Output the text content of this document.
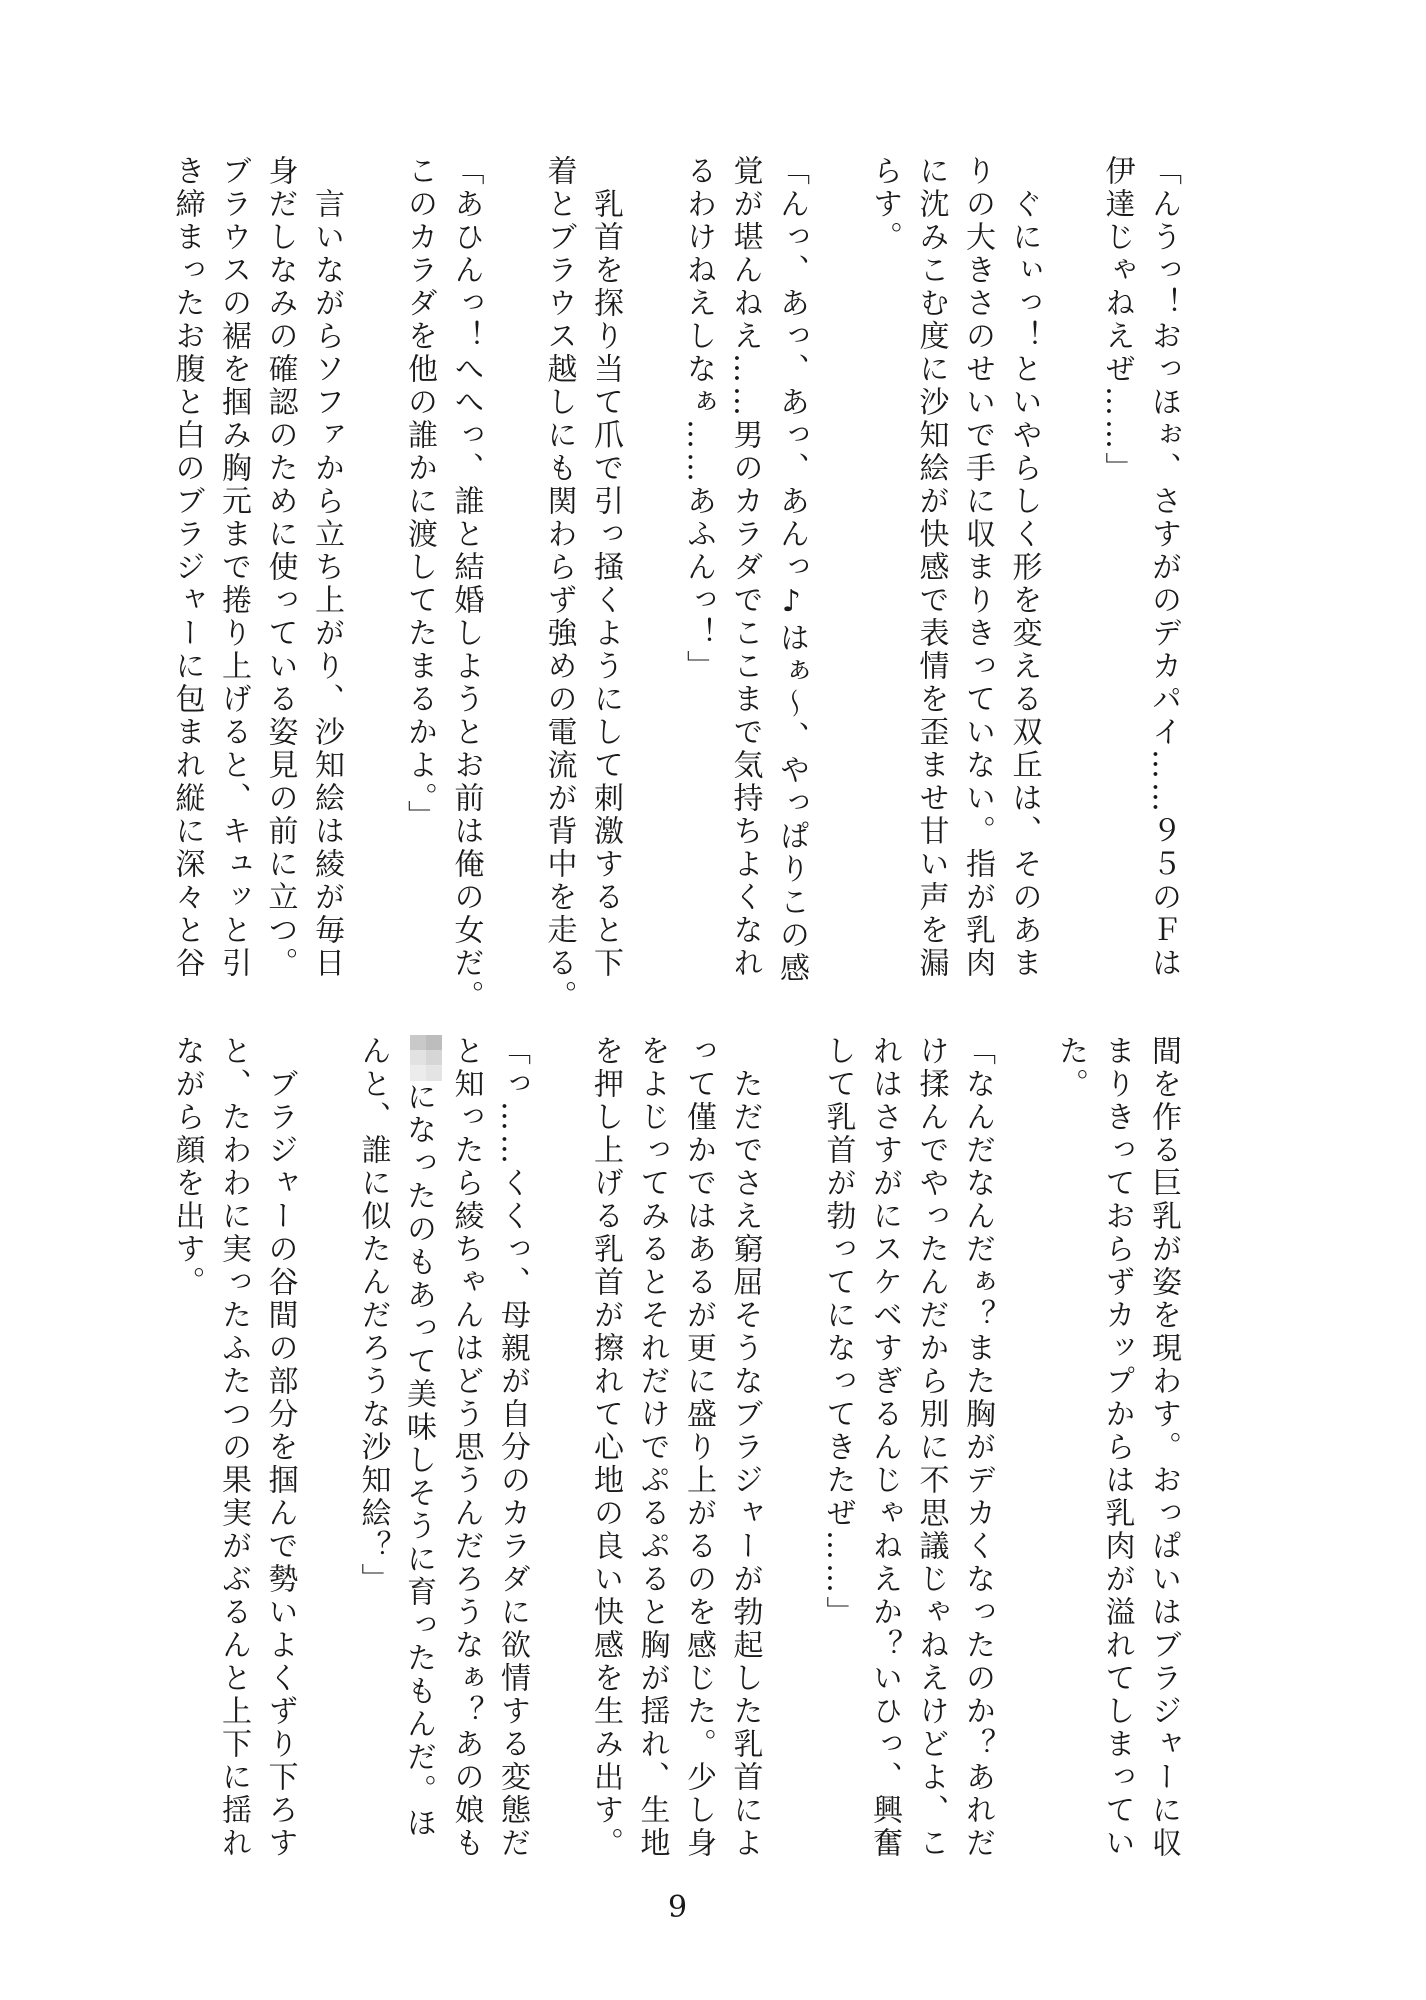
「んうっ！おっほぉ、さすがのデカパイ……９５のＦは
伊達じゃねえぜ……」
　ぐにぃっ！といやらしく形を変える双丘は、そのあま
りの大きさのせいで手に収まりきっていない。指が乳肉
に沈みこむ度に沙知絵が快感で表情を歪ませ甘い声を漏
らす。
「んっ、あっ、あっ、あんっ♪はぁ～、やっぱりこの感
覚が堪んねえ……男のカラダでここまで気持ちよくなれ
るわけねえしなぁ……あふんっ！」
　乳首を探り当て爪で引っ掻くようにして刺激すると下
着とブラウス越しにも関わらず強めの電流が背中を走る。
「あひんっ！へへっ、誰と結婚しようとお前は俺の女だ。
このカラダを他の誰かに渡してたまるかよ。」
　言いながらソファから立ち上がり、沙知絵は綾が毎日
身だしなみの確認のために使っている姿見の前に立つ。
ブラウスの裾を掴み胸元まで捲り上げると、キュッと引
き締まったお腹と白のブラジャーに包まれ縦に深々と谷
間を作る巨乳が姿を現わす。おっぱいはブラジャーに収
まりきっておらずカップからは乳肉が溢れてしまってい
た。
「なんだなんだぁ？また胸がデカくなったのか？あれだ
け揉んでやったんだから別に不思議じゃねえけどよ、こ
れはさすがにスケベすぎるんじゃねえか？いひっ、興奮
して乳首が勃ってになってきたぜ……」
　ただでさえ窮屈そうなブラジャーが勃起した乳首によ
って僅かではあるが更に盛り上がるのを感じた。少し身
をよじってみるとそれだけでぷるぷると胸が揺れ、生地
を押し上げる乳首が擦れて心地の良い快感を生み出す。
「っ……くくっ、母親が自分のカラダに欲情する変態だ
と知ったら綾ちゃんはどう思うんだろうなぁ？あの娘も
になったのもあって美味しそうに育ったもんだ。ほ
んと、誰に似たんだろうな沙知絵？」
　ブラジャーの谷間の部分を掴んで勢いよくずり下ろす
と、たわわに実ったふたつの果実がぶるんと上下に揺れ
ながら顔を出す。
9
